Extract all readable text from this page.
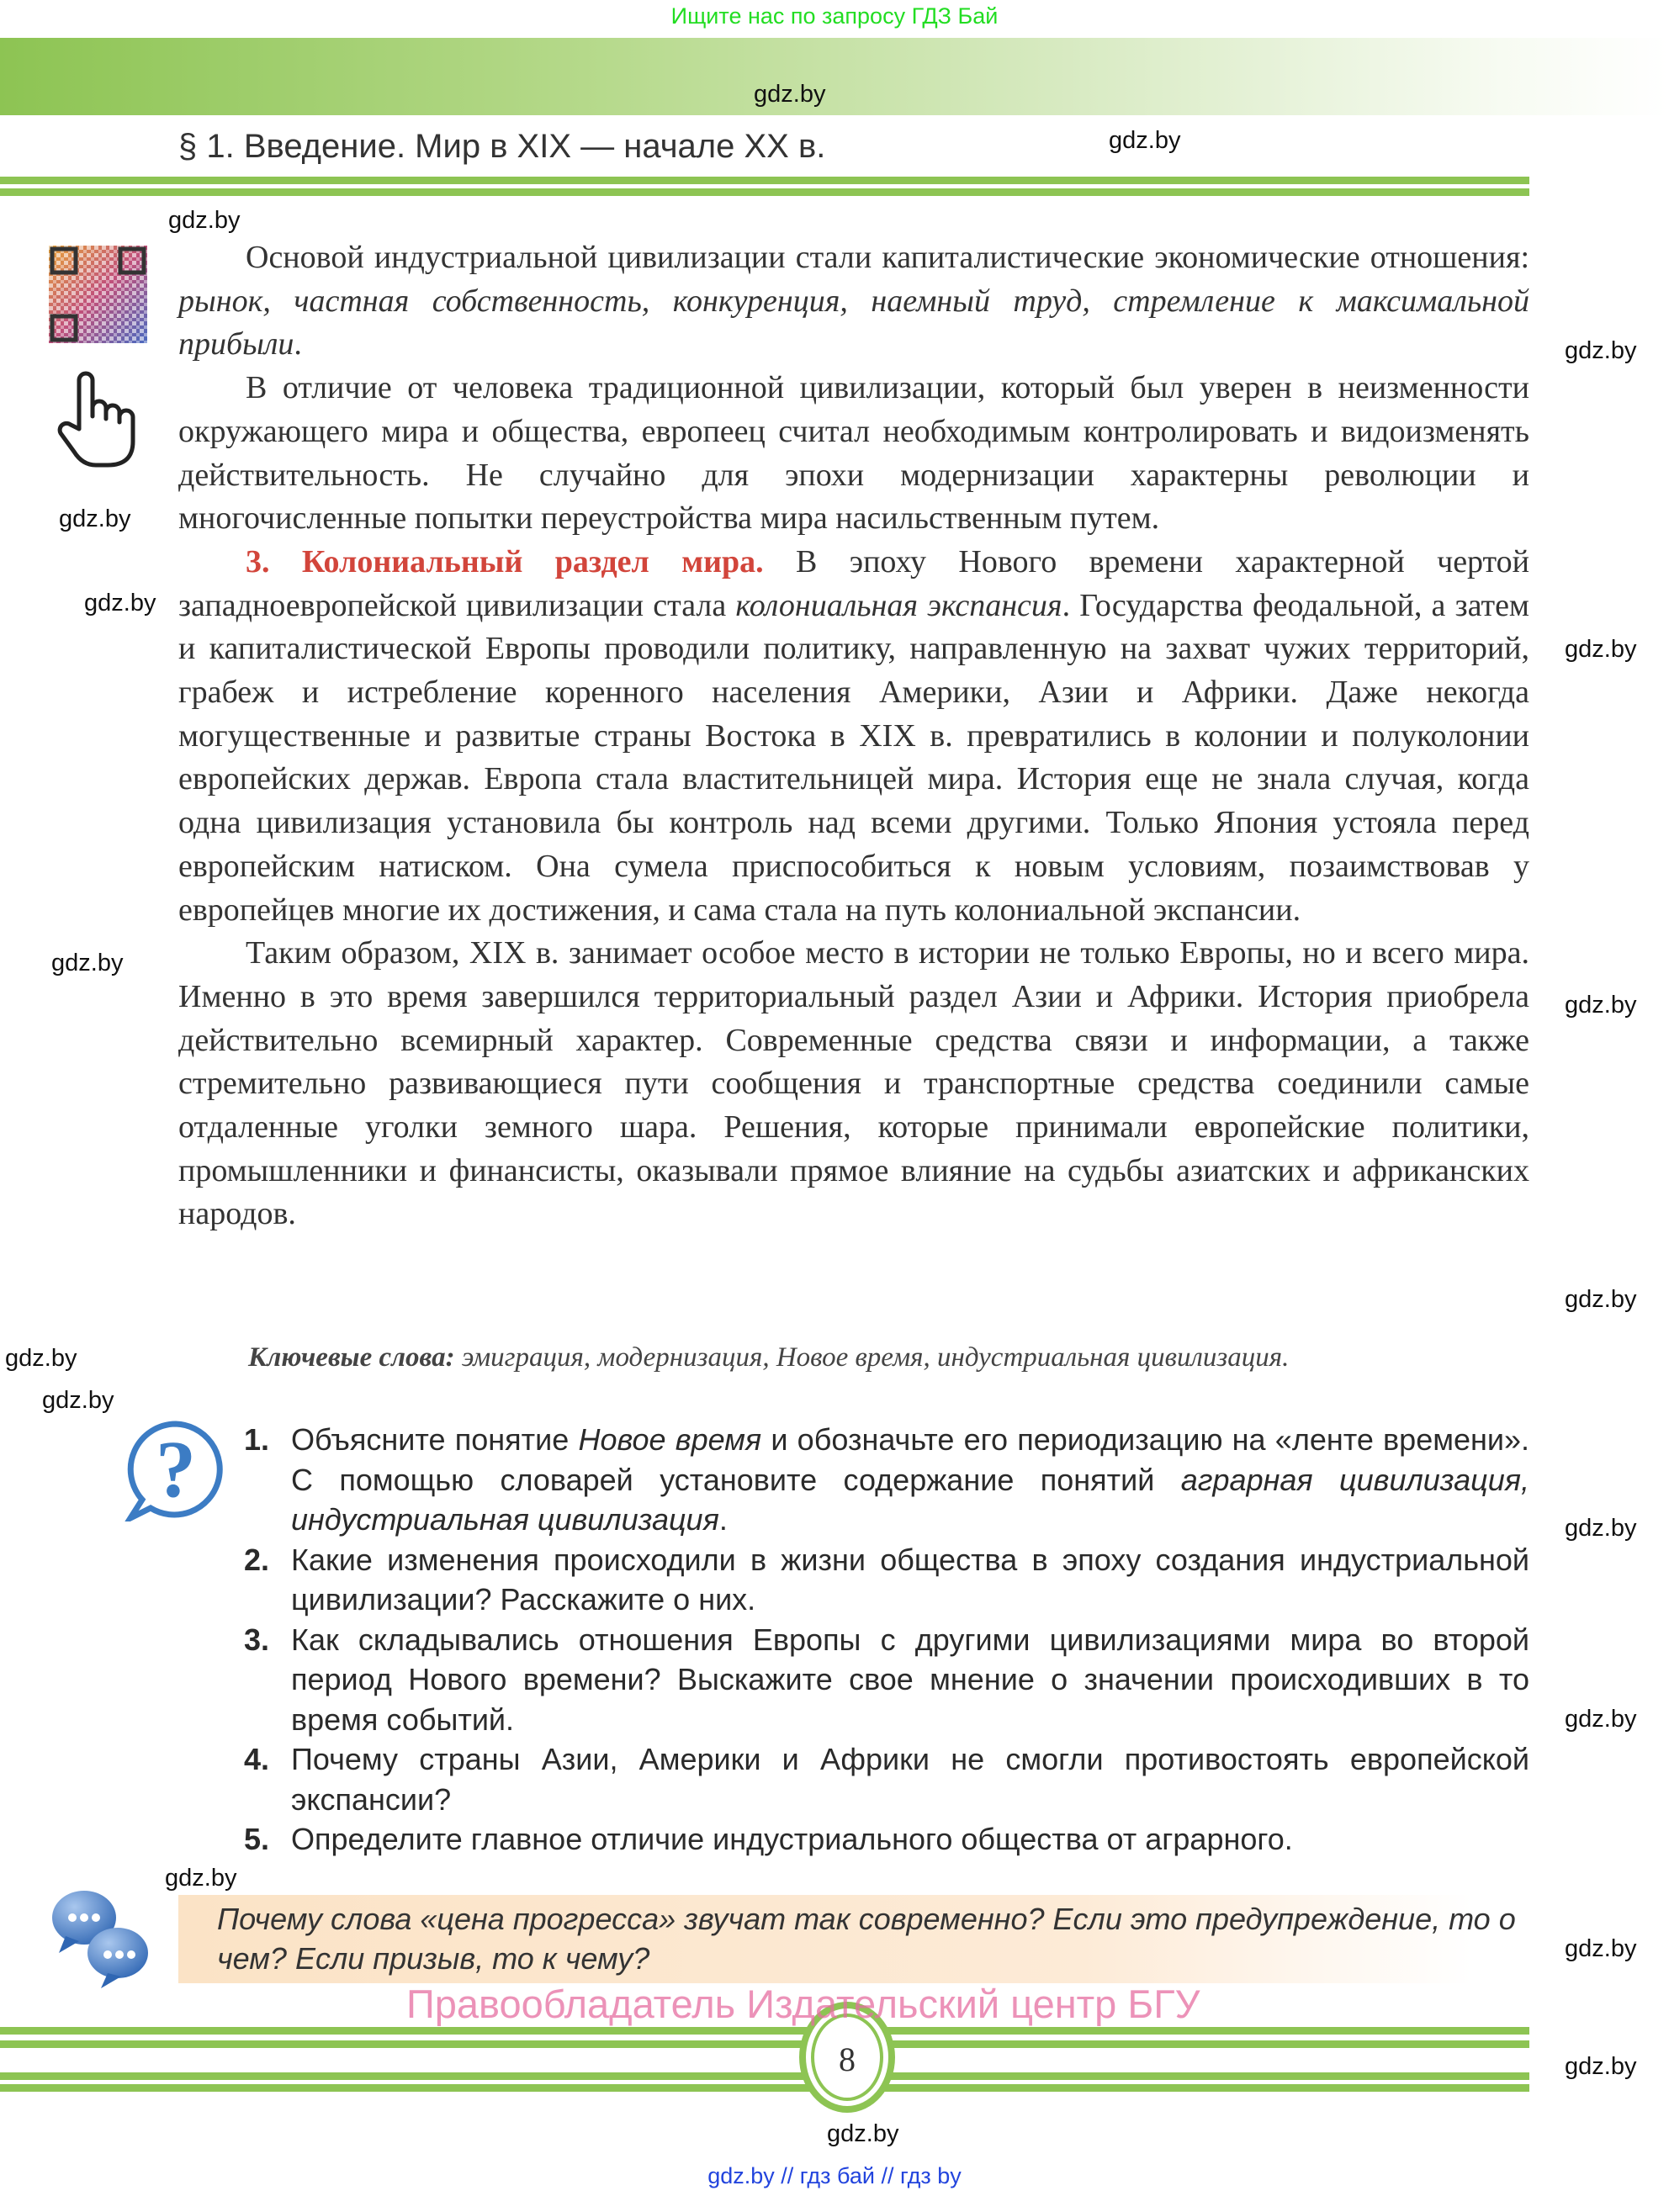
Ищите нас по запросу ГДЗ Бай
§ 1. Введение. Мир в XIX — начале XX в.

Основой индустриальной цивилизации стали капиталистические экономические отношения: рынок, частная собственность, конкуренция, наемный труд, стремление к максимальной прибыли.

В отличие от человека традиционной цивилизации, который был уверен в неизменности окружающего мира и общества, европеец считал необходимым контролировать и видоизменять действительность. Не случайно для эпохи модернизации характерны революции и многочисленные попытки переустройства мира насильственным путем.

3. Колониальный раздел мира. В эпоху Нового времени характерной чертой западноевропейской цивилизации стала колониальная экспансия. Государства феодальной, а затем и капиталистической Европы проводили политику, направленную на захват чужих территорий, грабеж и истребление коренного населения Америки, Азии и Африки. Даже некогда могущественные и развитые страны Востока в XIX в. превратились в колонии и полуколонии европейских держав. Европа стала властительницей мира. История еще не знала случая, когда одна цивилизация установила бы контроль над всеми другими. Только Япония устояла перед европейским натиском. Она сумела приспособиться к новым условиям, позаимствовав у европейцев многие их достижения, и сама стала на путь колониальной экспансии.

Таким образом, XIX в. занимает особое место в истории не только Европы, но и всего мира. Именно в это время завершился территориальный раздел Азии и Африки. История приобрела действительно всемирный характер. Современные средства связи и информации, а также стремительно развивающиеся пути сообщения и транспортные средства соединили самые отдаленные уголки земного шара. Решения, которые принимали европейские политики, промышленники и финансисты, оказывали прямое влияние на судьбы азиатских и африканских народов.

Ключевые слова: эмиграция, модернизация, Новое время, индустриальная цивилизация.
? 1. Объясните понятие Новое время и обозначьте его периодизацию на «ленте времени». С помощью словарей установите содержание понятий аграрная цивилизация, индустриальная цивилизация.
2. Какие изменения происходили в жизни общества в эпоху создания индустриальной цивилизации? Расскажите о них.
3. Как складывались отношения Европы с другими цивилизациями мира во второй период Нового времени? Выскажите свое мнение о значении происходивших в то время событий.
4. Почему страны Азии, Америки и Африки не смогли противостоять европейской экспансии?
5. Определите главное отличие индустриального общества от аграрного.
Почему слова «цена прогресса» звучат так современно? Если это предупреждение, то о чем? Если призыв, то к чему?
8
Правообладатель Издательский центр БГУ
gdz.by // гдз бай // гдз by
gdz.by
gdz.by
gdz.by
gdz.by
gdz.by
gdz.by
gdz.by
gdz.by
gdz.by
gdz.by
gdz.by
gdz.by
gdz.by
gdz.by
gdz.by
gdz.by
gdz.by
gdz.by
